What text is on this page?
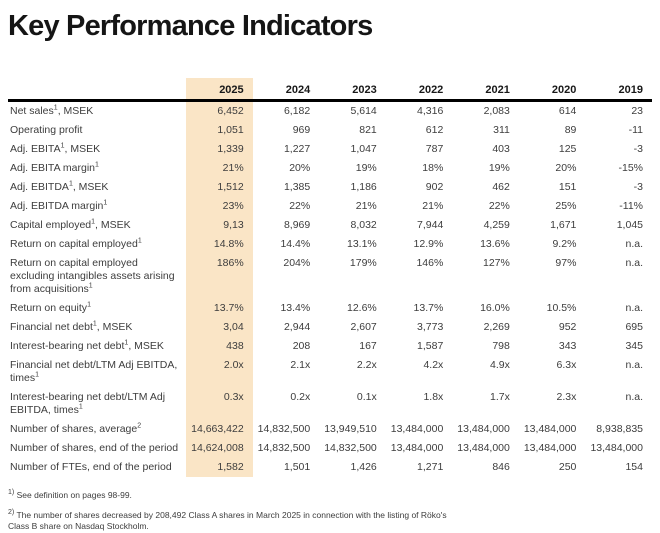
Key Performance Indicators
	2025	2024	2023	2022	2021	2020	2019
Net sales$^1$, MSEK	6,452	6,182	5,614	4,316	2,083	614	23
Operating profit	1,051	969	821	612	311	89	-11
Adj. EBITA$^1$, MSEK	1,339	1,227	1,047	787	403	125	-3
Adj. EBITA margin$^1$	21%	20%	19%	18%	19%	20%	-15%
Adj. EBITDA$^1$, MSEK	1,512	1,385	1,186	902	462	151	-3
Adj. EBITDA margin$^1$	23%	22%	21%	21%	22%	25%	-11%
Capital employed$^1$, MSEK	9,13	8,969	8,032	7,944	4,259	1,671	1,045
Return on capital employed$^1$	14.8%	14.4%	13.1%	12.9%	13.6%	9.2%	n.a.
Return on capital employed excluding intangibles assets arising from acquisitions$^1$	186%	204%	179%	146%	127%	97%	n.a.
Return on equity$^1$	13.7%	13.4%	12.6%	13.7%	16.0%	10.5%	n.a.
Financial net debt$^1$, MSEK	3,04	2,944	2,607	3,773	2,269	952	695
Interest-bearing net debt$^1$, MSEK	438	208	167	1,587	798	343	345
Financial net debt/LTM Adj EBITDA, times$^1$	2.0x	2.1x	2.2x	4.2x	4.9x	6.3x	n.a.
Interest-bearing net debt/LTM Adj EBITDA, times$^1$	0.3x	0.2x	0.1x	1.8x	1.7x	2.3x	n.a.
Number of shares, average$^2$	14,663,422	14,832,500	13,949,510	13,484,000	13,484,000	13,484,000	8,938,835
Number of shares, end of the period	14,624,008	14,832,500	14,832,500	13,484,000	13,484,000	13,484,000	13,484,000
Number of FTEs, end of the period	1,582	1,501	1,426	1,271	846	250	154

$^{1)}$ See definition on pages 98-99.

$^{2)}$ The number of shares decreased by 208,492 Class A shares in March 2025 in connection with the listing of Röko's Class B share on Nasdaq Stockholm.
